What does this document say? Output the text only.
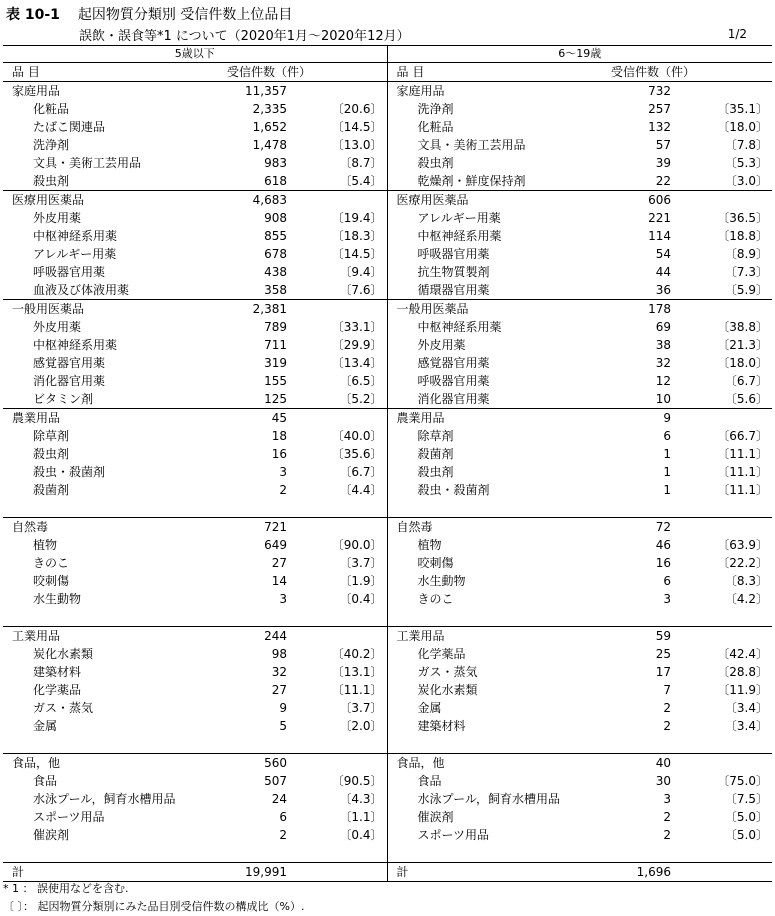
表 10-1 起因物質分類別 受信件数上位品目
誤飲・誤食等*1 について（2020年1月～2020年12月）	1/2
5歳以下			6～19歳		
品 目	受信件数（件）		品 目	受信件数（件）	
家庭用品	11,357		家庭用品	732	
化粧品	2,335	〔20.6〕	洗浄剤	257	〔35.1〕
たばこ関連品	1,652	〔14.5〕	化粧品	132	〔18.0〕
洗浄剤	1,478	〔13.0〕	文具・美術工芸用品	57	〔7.8〕
文具・美術工芸用品	983	〔8.7〕	殺虫剤	39	〔5.3〕
殺虫剤	618	〔5.4〕	乾燥剤・鮮度保持剤	22	〔3.0〕
医療用医薬品	4,683		医療用医薬品	606	
外皮用薬	908	〔19.4〕	アレルギー用薬	221	〔36.5〕
中枢神経系用薬	855	〔18.3〕	中枢神経系用薬	114	〔18.8〕
アレルギー用薬	678	〔14.5〕	呼吸器官用薬	54	〔8.9〕
呼吸器官用薬	438	〔9.4〕	抗生物質製剤	44	〔7.3〕
血液及び体液用薬	358	〔7.6〕	循環器官用薬	36	〔5.9〕
一般用医薬品	2,381		一般用医薬品	178	
外皮用薬	789	〔33.1〕	中枢神経系用薬	69	〔38.8〕
中枢神経系用薬	711	〔29.9〕	外皮用薬	38	〔21.3〕
感覚器官用薬	319	〔13.4〕	感覚器官用薬	32	〔18.0〕
消化器官用薬	155	〔6.5〕	呼吸器官用薬	12	〔6.7〕
ビタミン剤	125	〔5.2〕	消化器官用薬	10	〔5.6〕
農業用品	45		農業用品	9	
除草剤	18	〔40.0〕	除草剤	6	〔66.7〕
殺虫剤	16	〔35.6〕	殺菌剤	1	〔11.1〕
殺虫・殺菌剤	3	〔6.7〕	殺虫剤	1	〔11.1〕
殺菌剤	2	〔4.4〕	殺虫・殺菌剤	1	〔11.1〕

自然毒	721		自然毒	72	
植物	649	〔90.0〕	植物	46	〔63.9〕
きのこ	27	〔3.7〕	咬刺傷	16	〔22.2〕
咬刺傷	14	〔1.9〕	水生動物	6	〔8.3〕
水生動物	3	〔0.4〕	きのこ	3	〔4.2〕

工業用品	244		工業用品	59	
炭化水素類	98	〔40.2〕	化学薬品	25	〔42.4〕
建築材料	32	〔13.1〕	ガス・蒸気	17	〔28.8〕
化学薬品	27	〔11.1〕	炭化水素類	7	〔11.9〕
ガス・蒸気	9	〔3.7〕	金属	2	〔3.4〕
金属	5	〔2.0〕	建築材料	2	〔3.4〕

食品，他	560		食品，他	40	
食品	507	〔90.5〕	食品	30	〔75.0〕
水泳プール，飼育水槽用品	24	〔4.3〕	水泳プール，飼育水槽用品	3	〔7.5〕
スポーツ用品	6	〔1.1〕	催涙剤	2	〔5.0〕
催涙剤	2	〔0.4〕	スポーツ用品	2	〔5.0〕

計	19,991		計	1,696	
* 1 ： 誤使用などを含む.
〔 〕： 起因物質分類別にみた品目別受信件数の構成比（%）.
